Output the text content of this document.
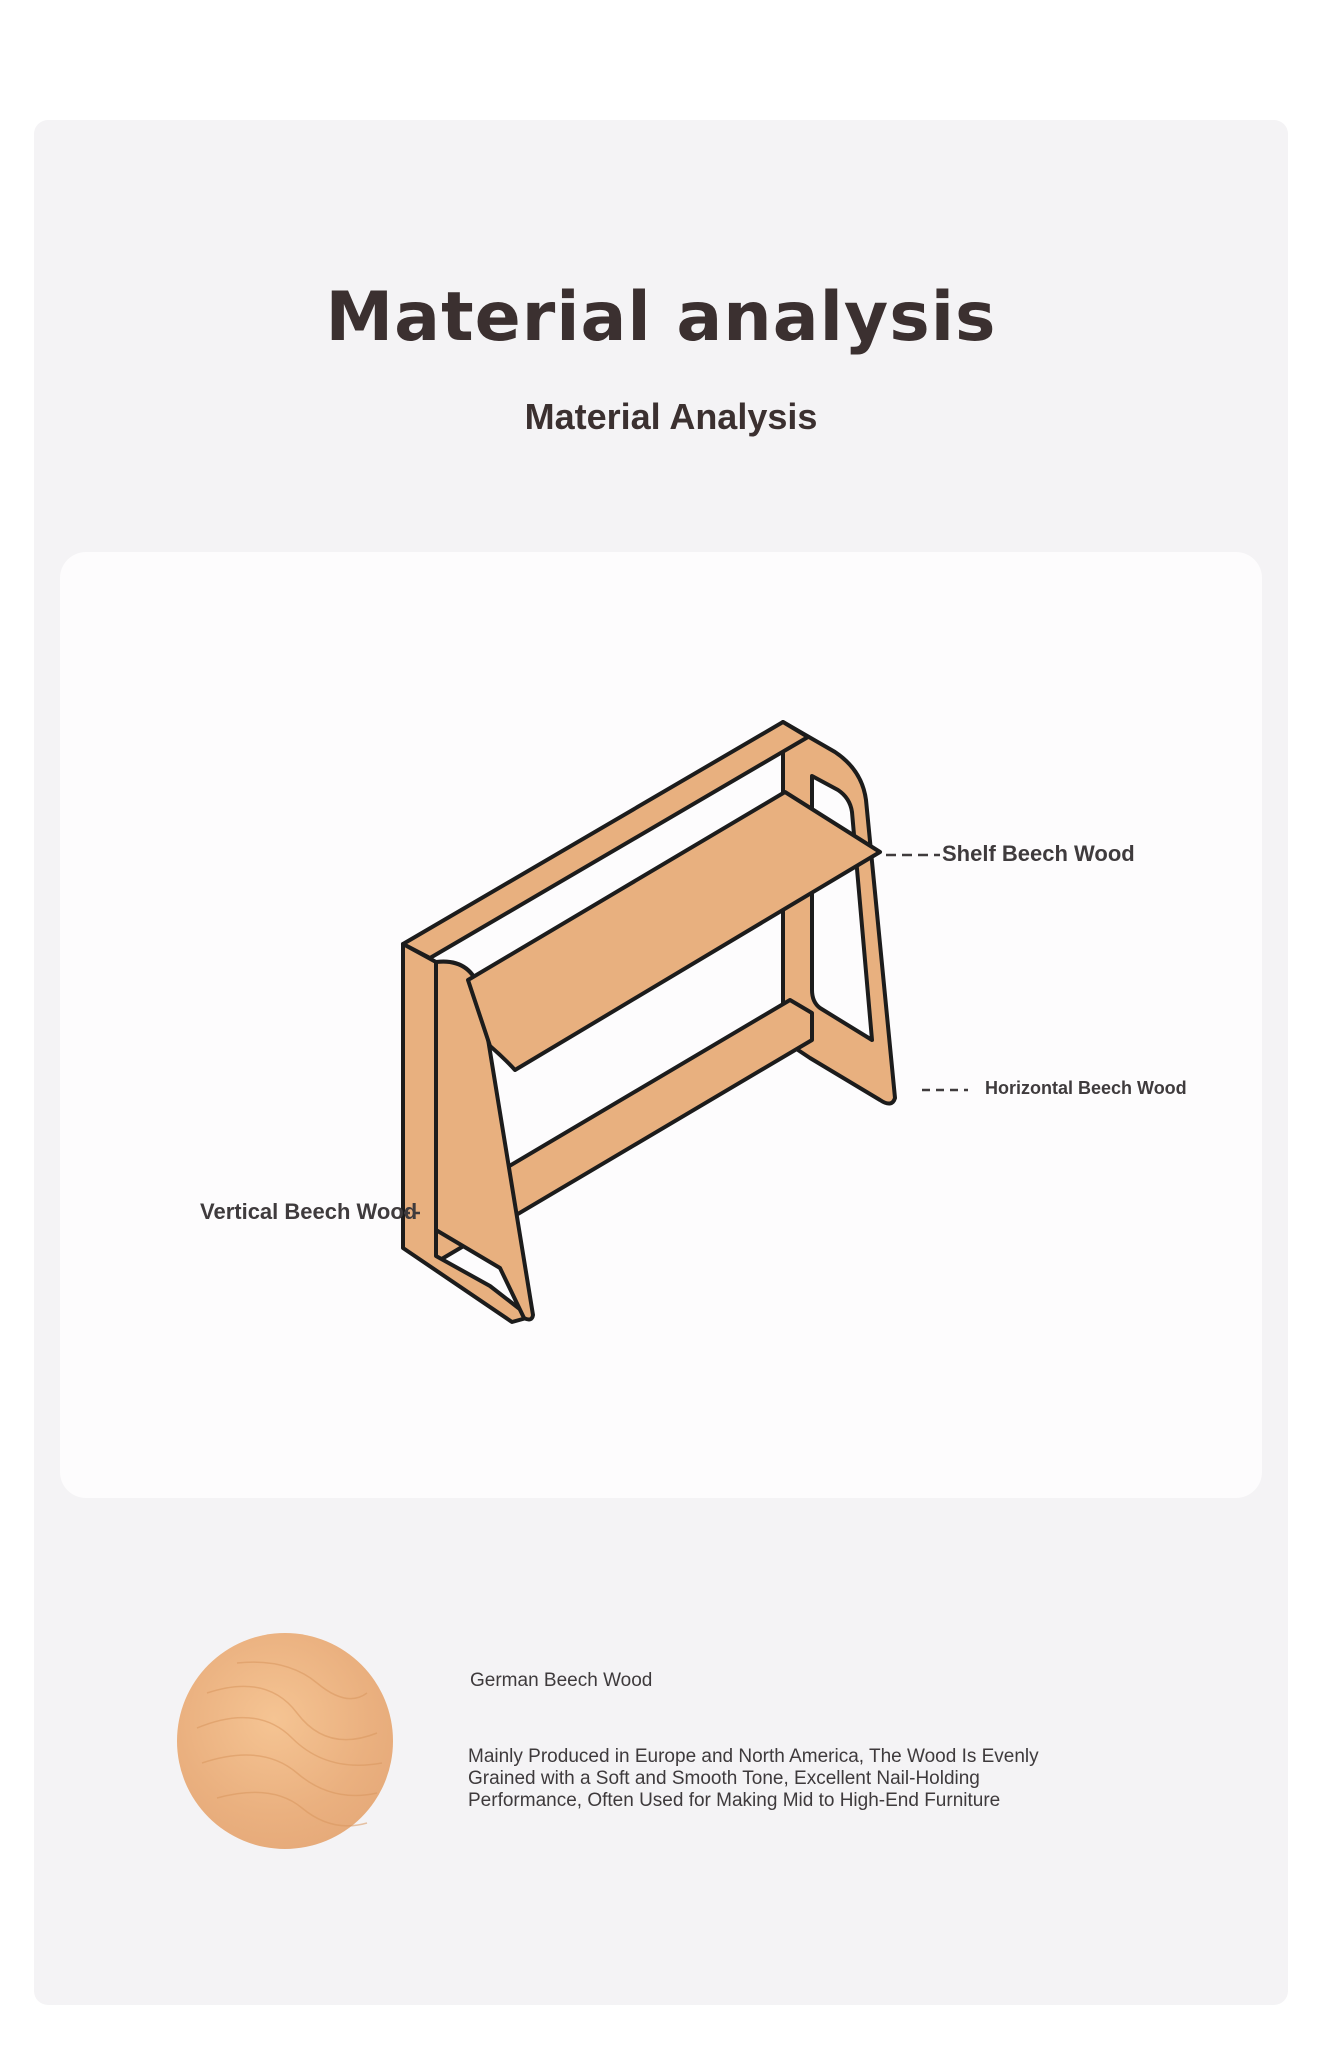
Material analysis
Material Analysis
Shelf Beech Wood
Horizontal Beech Wood
Vertical Beech Wood
German Beech Wood
Mainly Produced in Europe and North America, The Wood Is Evenly Grained with a Soft and Smooth Tone, Excellent Nail-Holding Performance, Often Used for Making Mid to High-End Furniture
